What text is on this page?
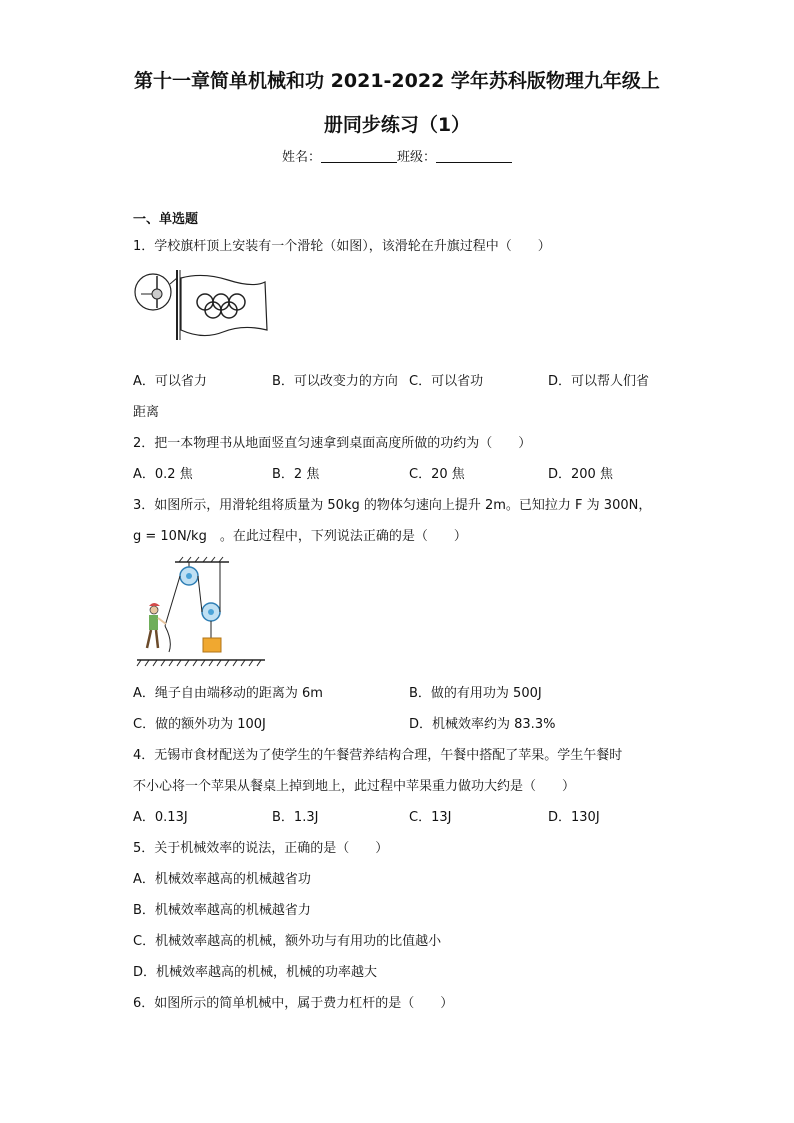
第十一章简单机械和功 2021-2022 学年苏科版物理九年级上
册同步练习（1）
姓名：	班级：
一、单选题
1．学校旗杆顶上安装有一个滑轮（如图），该滑轮在升旗过程中（　　）
A．可以省力	B．可以改变力的方向 C．可以省功	D．可以帮人们省
距离
2．把一本物理书从地面竖直匀速拿到桌面高度所做的功约为（　　）
A．0.2 焦	B．2 焦	C．20 焦	D．200 焦
3．如图所示，用滑轮组将质量为 50kg 的物体匀速向上提升 2m。已知拉力 F 为 300N，
g = 10N/kg　。在此过程中，下列说法正确的是（　　）
A．绳子自由端移动的距离为 6m	B．做的有用功为 500J
C．做的额外功为 100J	D．机械效率约为 83.3%
4．无锡市食材配送为了使学生的午餐营养结构合理，午餐中搭配了苹果。学生午餐时
不小心将一个苹果从餐桌上掉到地上，此过程中苹果重力做功大约是（　　）
A．0.13J	B．1.3J	C．13J	D．130J
5．关于机械效率的说法，正确的是（　　）
A．机械效率越高的机械越省功
B．机械效率越高的机械越省力
C．机械效率越高的机械，额外功与有用功的比值越小
D．机械效率越高的机械，机械的功率越大
6．如图所示的简单机械中，属于费力杠杆的是（　　）
